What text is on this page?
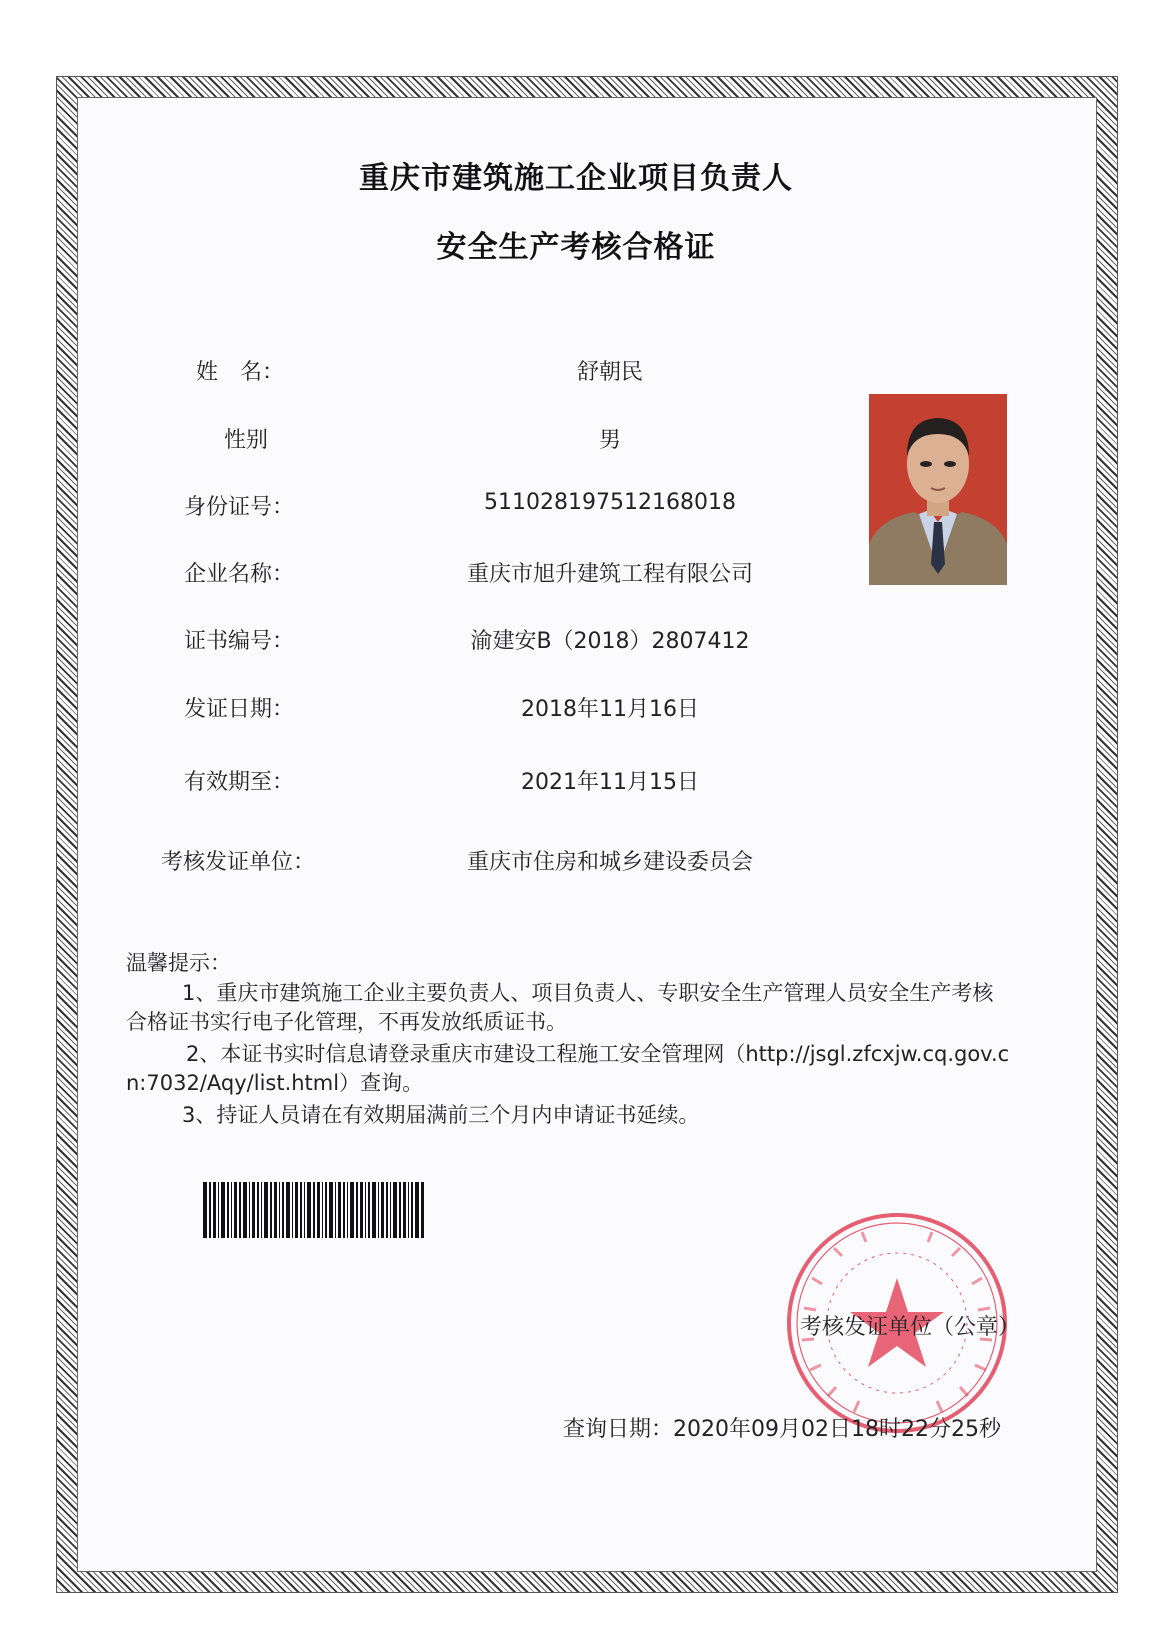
重庆市建筑施工企业项目负责人
安全生产考核合格证
姓　名：	舒朝民
性别	男
身份证号：	511028197512168018
企业名称：	重庆市旭升建筑工程有限公司
证书编号：	渝建安B（2018）2807412
发证日期：	2018年11月16日
有效期至：	2021年11月15日
考核发证单位：	重庆市住房和城乡建设委员会
温馨提示：
1、重庆市建筑施工企业主要负责人、项目负责人、专职安全生产管理人员安全生产考核 合格证书实行电子化管理，不再发放纸质证书。
2、本证书实时信息请登录重庆市建设工程施工安全管理网（http://jsgl.zfcxjw.cq.gov.cn:7032/Aqy/list.html）查询。
3、持证人员请在有效期届满前三个月内申请证书延续。
考核发证单位（公章）
查询日期：2020年09月02日18时22分25秒
